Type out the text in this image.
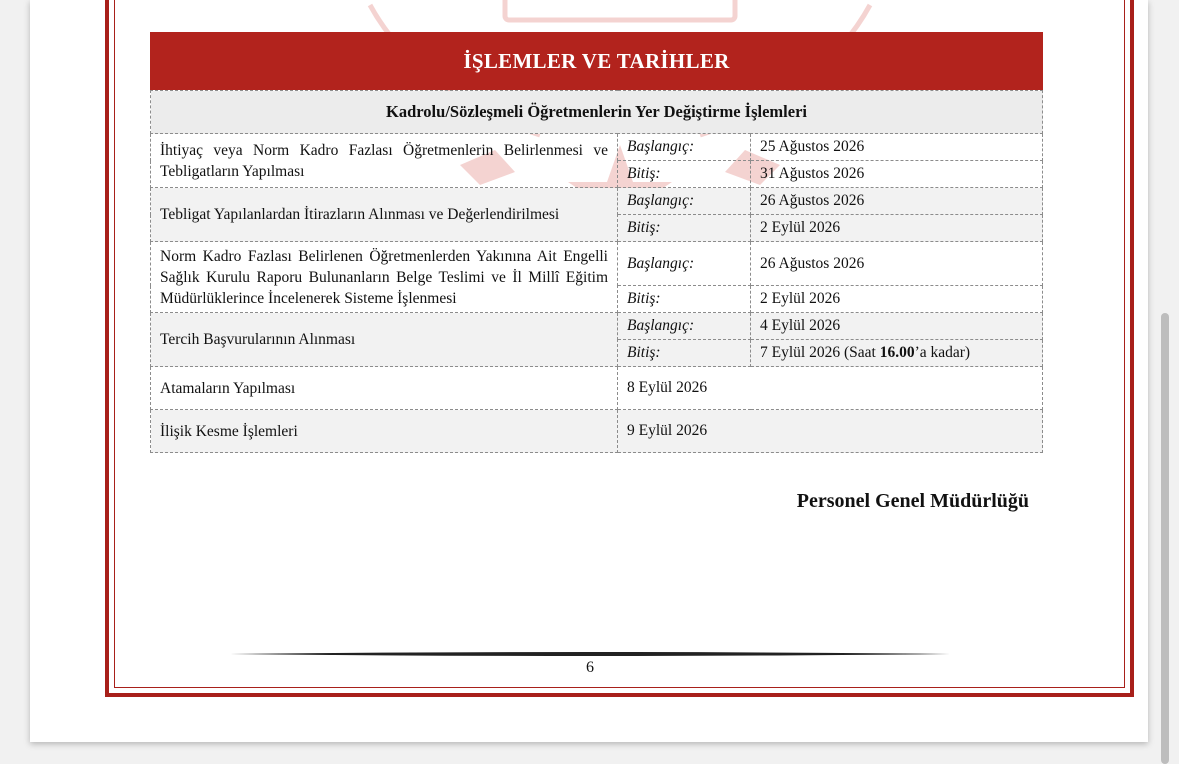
İŞLEMLER VE TARİHLER
Kadrolu/Sözleşmeli Öğretmenlerin Yer Değiştirme İşlemleri		
İhtiyaç veya Norm Kadro Fazlası Öğretmenlerin Belirlenmesi ve Tebligatların Yapılması	Başlangıç:	25 Ağustos 2026
	Bitiş:	31 Ağustos 2026
Tebligat Yapılanlardan İtirazların Alınması ve Değerlendirilmesi	Başlangıç:	26 Ağustos 2026
	Bitiş:	2 Eylül 2026
Norm Kadro Fazlası Belirlenen Öğretmenlerden Yakınına Ait Engelli Sağlık Kurulu Raporu Bulunanların Belge Teslimi ve İl Millî Eğitim Müdürlüklerince İncelenerek Sisteme İşlenmesi	Başlangıç:	26 Ağustos 2026
	Bitiş:	2 Eylül 2026
Tercih Başvurularının Alınması	Başlangıç:	4 Eylül 2026
	Bitiş:	7 Eylül 2026 (Saat 16.00’a kadar)
Atamaların Yapılması	8 Eylül 2026	
İlişik Kesme İşlemleri	9 Eylül 2026	
Personel Genel Müdürlüğü
6
